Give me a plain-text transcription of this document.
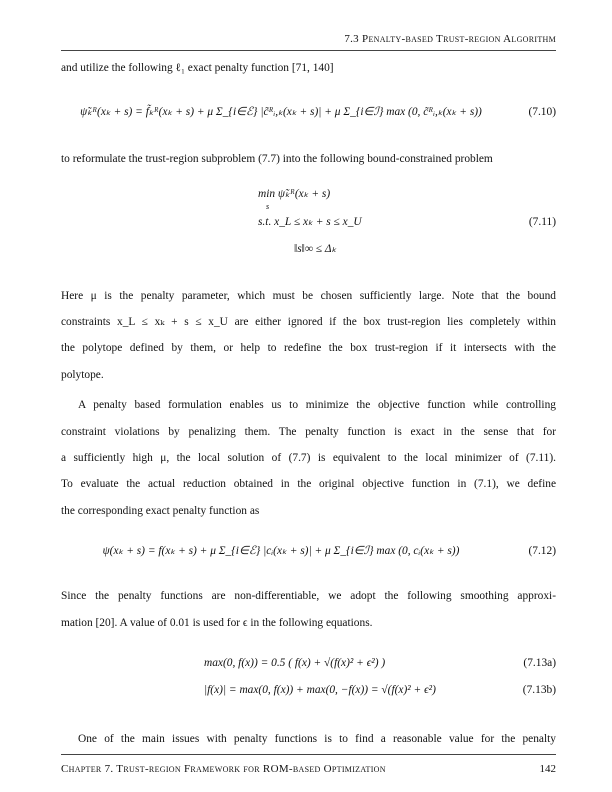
7.3 Penalty-based Trust-region Algorithm
and utilize the following ℓ₁ exact penalty function [71, 140]
ψ̃ₖᴿ(xₖ + s) = f̃ₖᴿ(xₖ + s) + μ Σ_{i∈ℰ} |c̃ᴿᵢ,ₖ(xₖ + s)| + μ Σ_{i∈ℐ} max (0, c̃ᴿᵢ,ₖ(xₖ + s))	(7.10)
to reformulate the trust-region subproblem (7.7) into the following bound-constrained problem
min ψ̃ₖᴿ(xₖ + s)
s
s.t. x_L ≤ xₖ + s ≤ x_U
‖s‖∞ ≤ Δₖ
(7.11)
Here μ is the penalty parameter, which must be chosen sufficiently large. Note that the bound
constraints x_L ≤ xₖ + s ≤ x_U are either ignored if the box trust-region lies completely within
the polytope defined by them, or help to redefine the box trust-region if it intersects with the
polytope.
A penalty based formulation enables us to minimize the objective function while controlling
constraint violations by penalizing them. The penalty function is exact in the sense that for
a sufficiently high μ, the local solution of (7.7) is equivalent to the local minimizer of (7.11).
To evaluate the actual reduction obtained in the original objective function in (7.1), we define
the corresponding exact penalty function as
ψ(xₖ + s) = f(xₖ + s) + μ Σ_{i∈ℰ} |cᵢ(xₖ + s)| + μ Σ_{i∈ℐ} max (0, cᵢ(xₖ + s))	(7.12)
Since the penalty functions are non-differentiable, we adopt the following smoothing approxi-
mation [20]. A value of 0.01 is used for ϵ in the following equations.
max(0, f(x)) = 0.5 ( f(x) + √(f(x)² + ϵ²) )	(7.13a)
|f(x)| = max(0, f(x)) + max(0, −f(x)) = √(f(x)² + ϵ²)	(7.13b)
One of the main issues with penalty functions is to find a reasonable value for the penalty
Chapter 7. Trust-region Framework for ROM-based Optimization	142
